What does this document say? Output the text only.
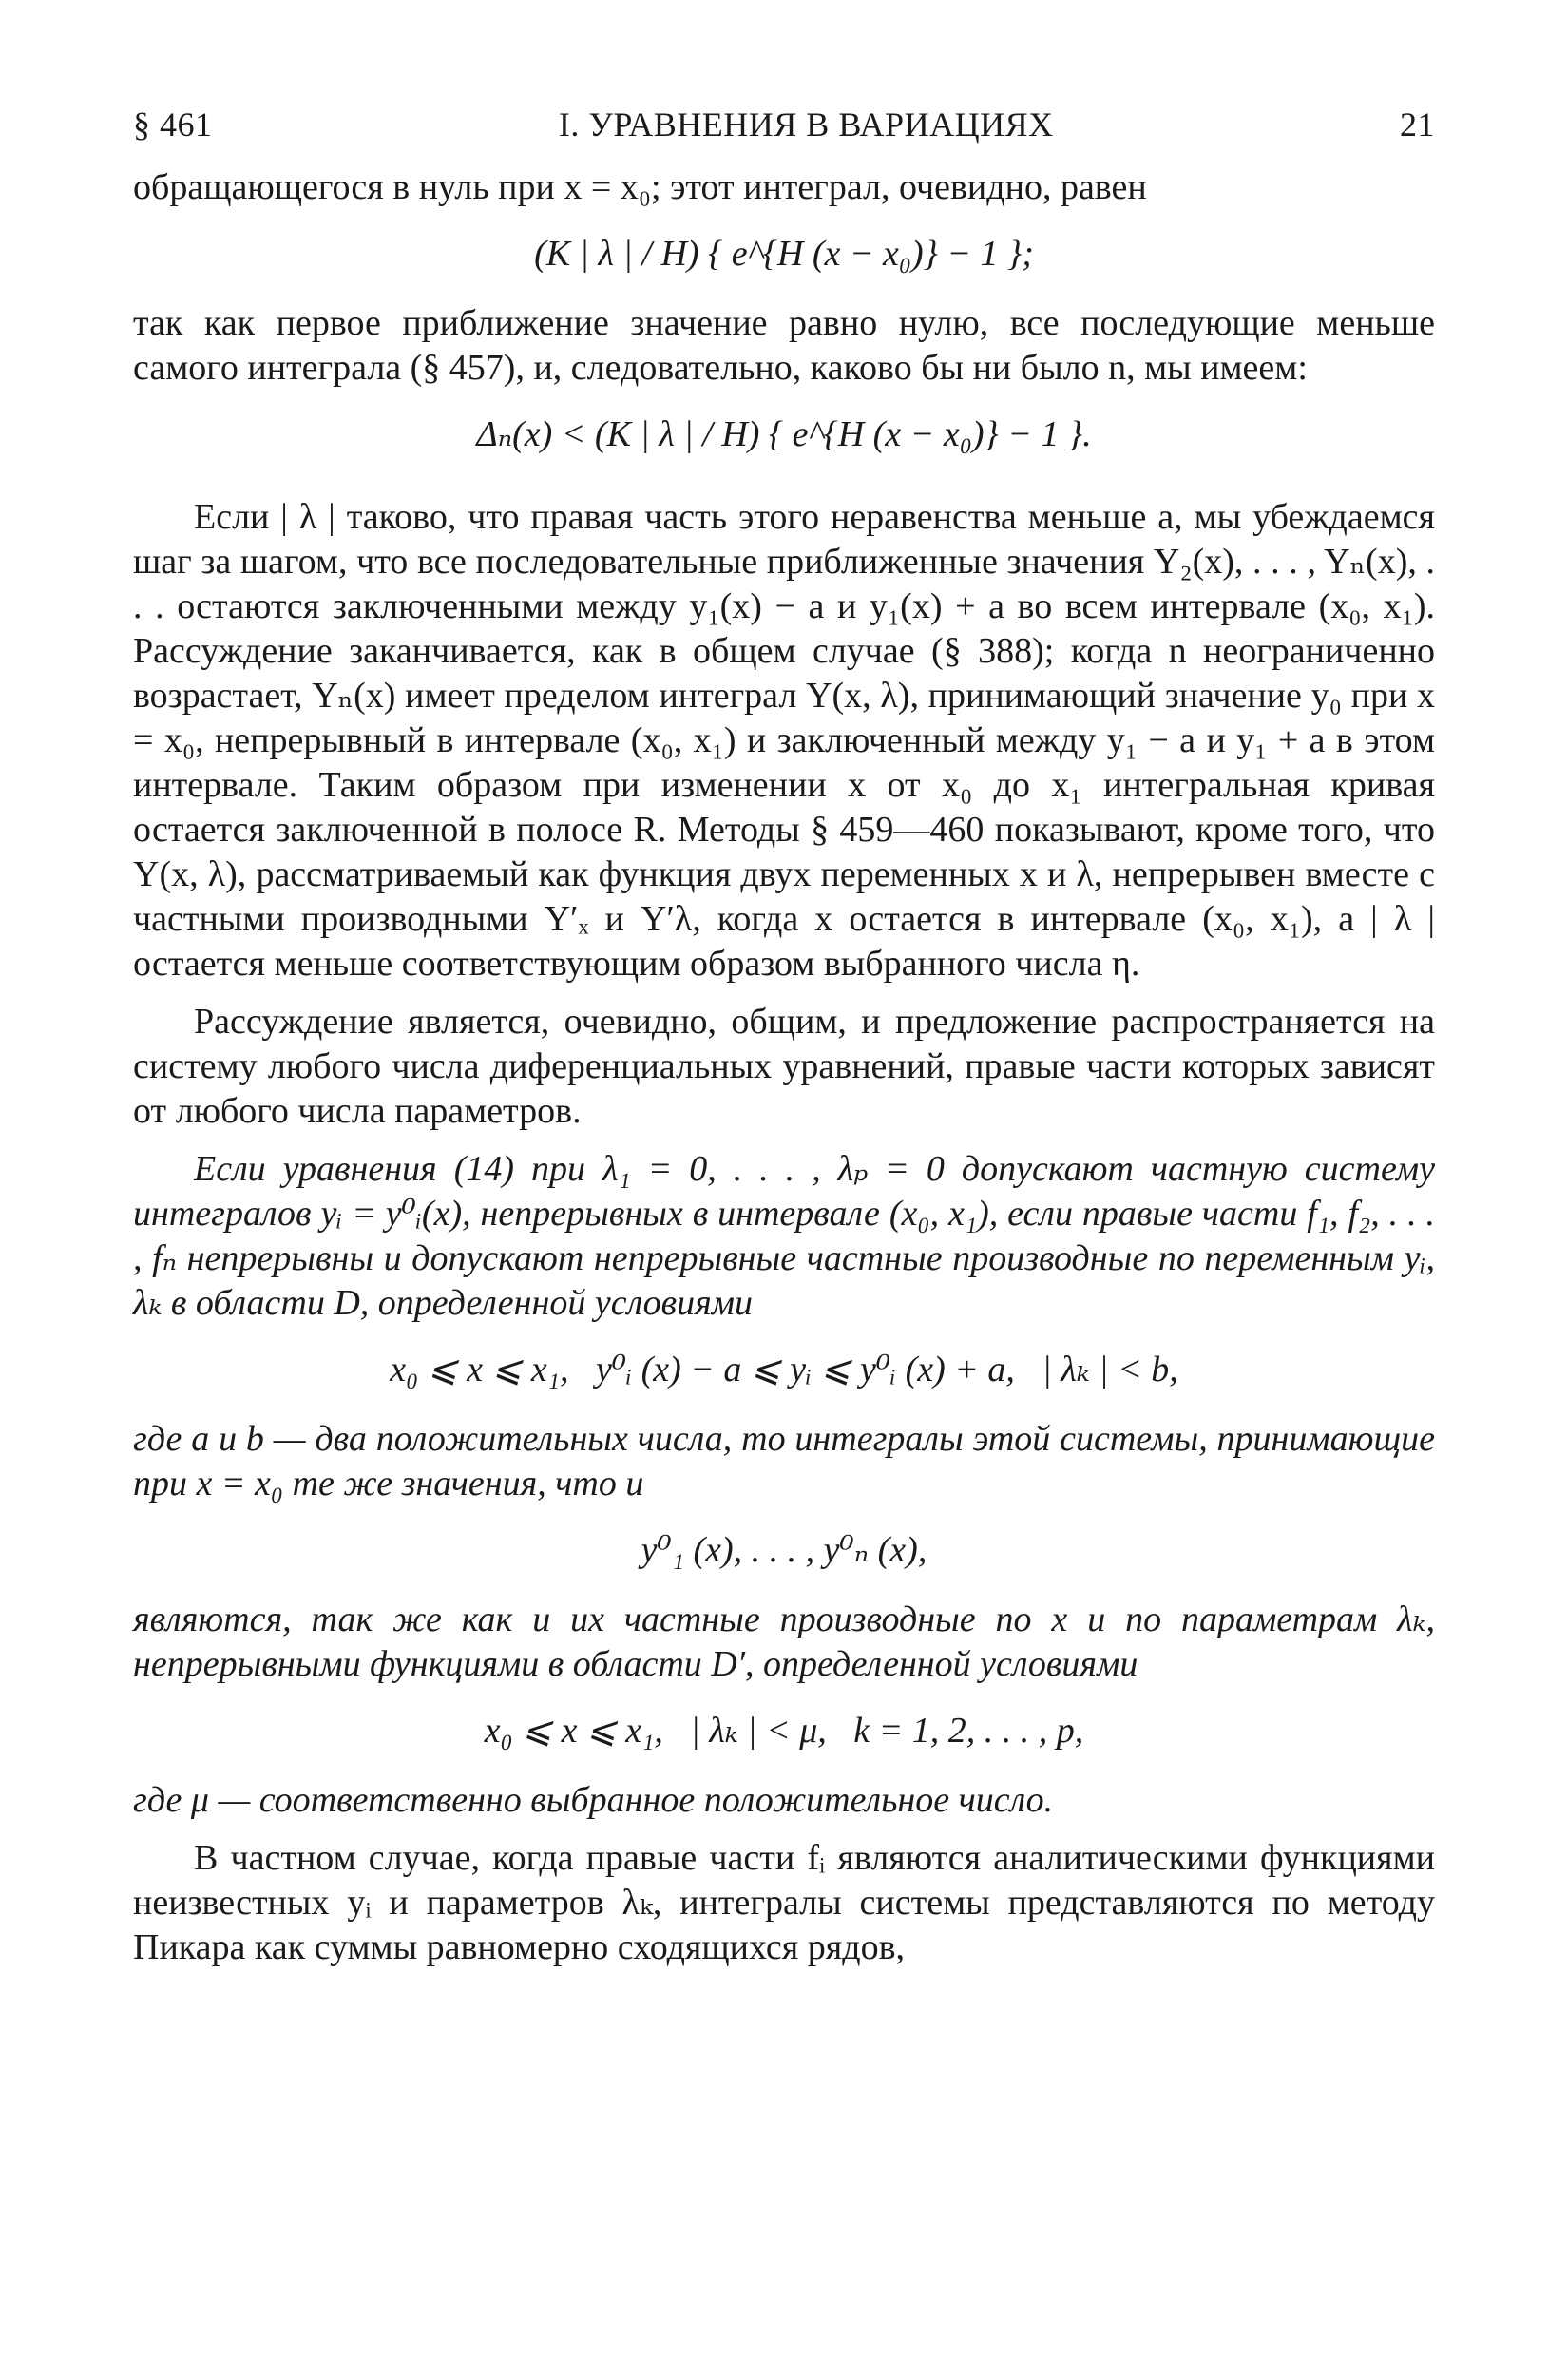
§ 461	I. УРАВНЕНИЯ В ВАРИАЦИЯХ	21

обращающегося в нуль при x = x₀; этот интеграл, очевидно, равен

(K | λ | / H) { e^{H (x − x₀)} − 1 };

так как первое приближение значение равно нулю, все последующие меньше самого интеграла (§ 457), и, следовательно, каково бы ни было n, мы имеем:

Δₙ(x) < (K | λ | / H) { e^{H (x − x₀)} − 1 }.

Если | λ | таково, что правая часть этого неравенства меньше a, мы убеждаемся шаг за шагом, что все последовательные приближенные значения Y₂(x), . . . , Yₙ(x), . . . остаются заключенными между y₁(x) − a и y₁(x) + a во всем интервале (x₀, x₁). Рассуждение заканчивается, как в общем случае (§ 388); когда n неограниченно возрастает, Yₙ(x) имеет пределом интеграл Y(x, λ), принимающий значение y₀ при x = x₀, непрерывный в интервале (x₀, x₁) и заключенный между y₁ − a и y₁ + a в этом интервале. Таким образом при изменении x от x₀ до x₁ интегральная кривая остается заключенной в полосе R. Методы § 459—460 показывают, кроме того, что Y(x, λ), рассматриваемый как функция двух переменных x и λ, непрерывен вместе с частными производными Y′ₓ и Y′λ, когда x остается в интервале (x₀, x₁), а | λ | остается меньше соответствующим образом выбранного числа η.

Рассуждение является, очевидно, общим, и предложение распространяется на систему любого числа диференциальных уравнений, правые части которых зависят от любого числа параметров.

Если уравнения (14) при λ₁ = 0, . . . , λₚ = 0 допускают частную систему интегралов yᵢ = y⁰ᵢ(x), непрерывных в интервале (x₀, x₁), если правые части f₁, f₂, . . . , fₙ непрерывны и допускают непрерывные частные производные по переменным yᵢ, λₖ в области D, определенной условиями

x₀ ⩽ x ⩽ x₁,   y⁰ᵢ (x) − a ⩽ yᵢ ⩽ y⁰ᵢ (x) + a,   | λₖ | < b,

где a и b — два положительных числа, то интегралы этой системы, принимающие при x = x₀ те же значения, что и

y⁰₁ (x), . . . , y⁰ₙ (x),

являются, так же как и их частные производные по x и по параметрам λₖ, непрерывными функциями в области D′, определенной условиями

x₀ ⩽ x ⩽ x₁,   | λₖ | < μ,   k = 1, 2, . . . , p,

где μ — соответственно выбранное положительное число.

В частном случае, когда правые части fᵢ являются аналитическими функциями неизвестных yᵢ и параметров λₖ, интегралы системы представляются по методу Пикара как суммы равномерно сходящихся рядов,
